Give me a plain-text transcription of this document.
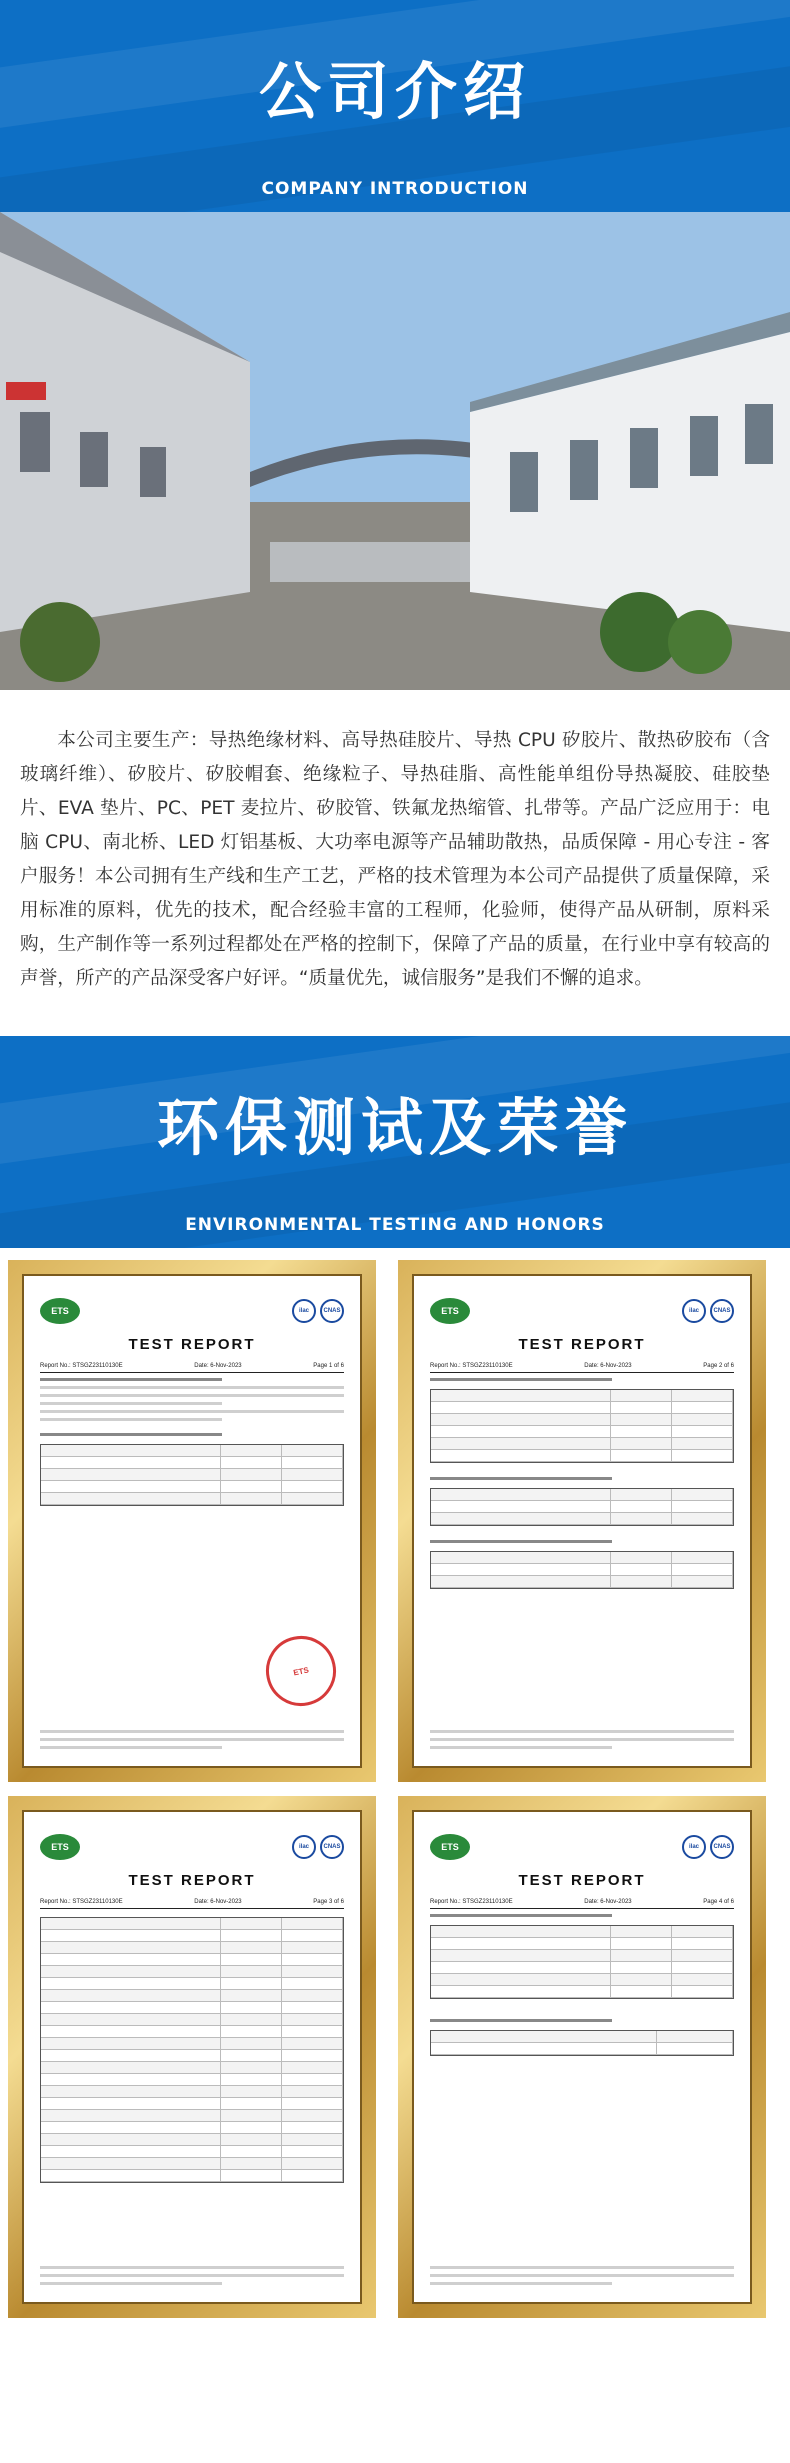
公司介绍
COMPANY INTRODUCTION
本公司主要生产：导热绝缘材料、高导热硅胶片、导热 CPU 矽胶片、散热矽胶布（含玻璃纤维）、矽胶片、矽胶帽套、绝缘粒子、导热硅脂、高性能单组份导热凝胶、硅胶垫片、EVA 垫片、PC、PET 麦拉片、矽胶管、铁氟龙热缩管、扎带等。产品广泛应用于：电脑 CPU、南北桥、LED 灯铝基板、大功率电源等产品辅助散热，品质保障 - 用心专注 - 客户服务！本公司拥有生产线和生产工艺，严格的技术管理为本公司产品提供了质量保障，采用标准的原料，优先的技术，配合经验丰富的工程师，化验师，使得产品从研制，原料采购，生产制作等一系列过程都处在严格的控制下，保障了产品的质量，在行业中享有较高的声誉，所产的产品深受客户好评。“质量优先，诚信服务”是我们不懈的追求。
环保测试及荣誉
ENVIRONMENTAL TESTING AND HONORS
ETS	ilac	CNAS
TEST REPORT
Report No.: STSGZ23110130E	Date: 6-Nov-2023	Page 1 of 6
ETS
ETS	ilac	CNAS
TEST REPORT
Report No.: STSGZ23110130E	Date: 6-Nov-2023	Page 2 of 6
ETS	ilac	CNAS
TEST REPORT
Report No.: STSGZ23110130E	Date: 6-Nov-2023	Page 3 of 6
ETS	ilac	CNAS
TEST REPORT
Report No.: STSGZ23110130E	Date: 6-Nov-2023	Page 4 of 6
